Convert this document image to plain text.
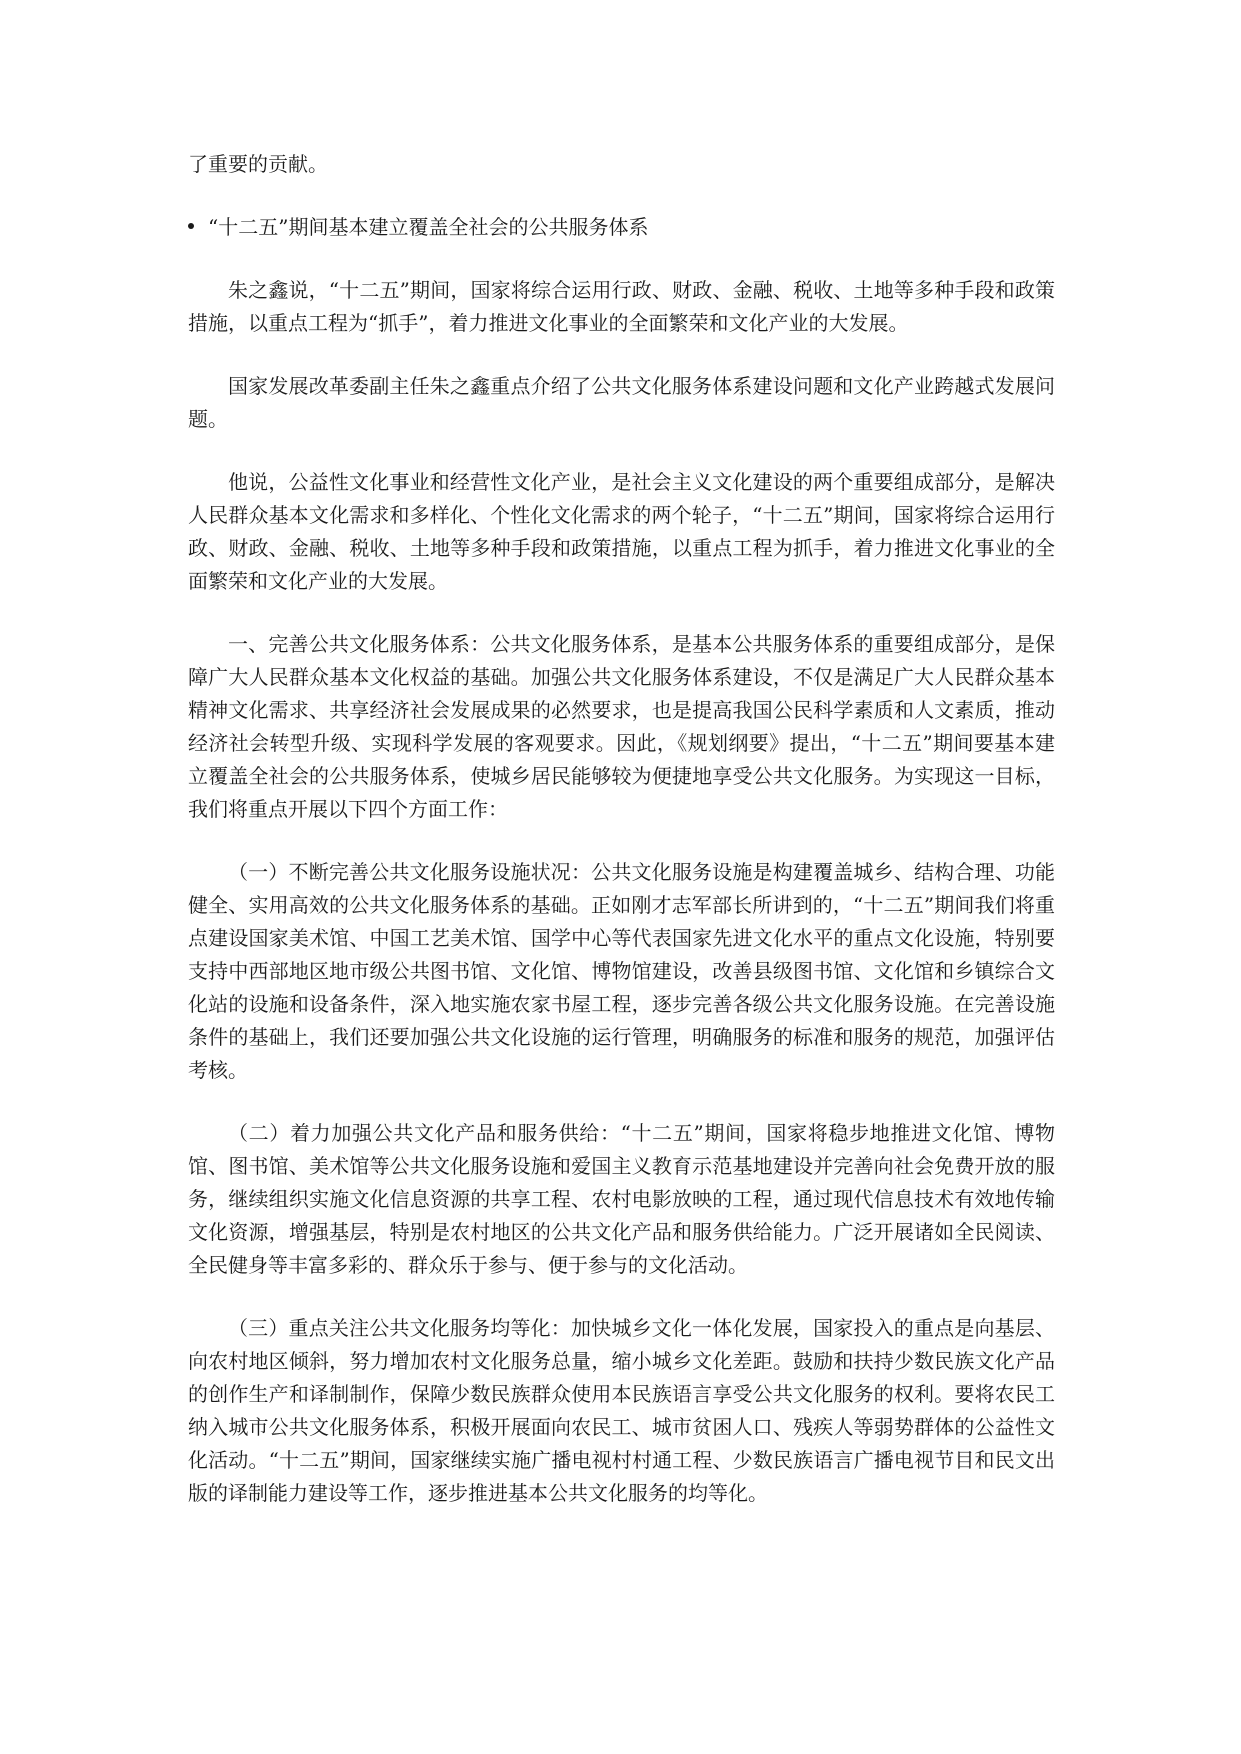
了重要的贡献。

“十二五”期间基本建立覆盖全社会的公共服务体系

朱之鑫说，“十二五”期间，国家将综合运用行政、财政、金融、税收、土地等多种手段和政策措施，以重点工程为“抓手”，着力推进文化事业的全面繁荣和文化产业的大发展。

国家发展改革委副主任朱之鑫重点介绍了公共文化服务体系建设问题和文化产业跨越式发展问题。

他说，公益性文化事业和经营性文化产业，是社会主义文化建设的两个重要组成部分，是解决人民群众基本文化需求和多样化、个性化文化需求的两个轮子，“十二五”期间，国家将综合运用行政、财政、金融、税收、土地等多种手段和政策措施，以重点工程为抓手，着力推进文化事业的全面繁荣和文化产业的大发展。

一、完善公共文化服务体系：公共文化服务体系，是基本公共服务体系的重要组成部分，是保障广大人民群众基本文化权益的基础。加强公共文化服务体系建设，不仅是满足广大人民群众基本精神文化需求、共享经济社会发展成果的必然要求，也是提高我国公民科学素质和人文素质，推动经济社会转型升级、实现科学发展的客观要求。因此，《规划纲要》提出，“十二五”期间要基本建立覆盖全社会的公共服务体系，使城乡居民能够较为便捷地享受公共文化服务。为实现这一目标，我们将重点开展以下四个方面工作：

（一）不断完善公共文化服务设施状况：公共文化服务设施是构建覆盖城乡、结构合理、功能健全、实用高效的公共文化服务体系的基础。正如刚才志军部长所讲到的，“十二五”期间我们将重点建设国家美术馆、中国工艺美术馆、国学中心等代表国家先进文化水平的重点文化设施，特别要支持中西部地区地市级公共图书馆、文化馆、博物馆建设，改善县级图书馆、文化馆和乡镇综合文化站的设施和设备条件，深入地实施农家书屋工程，逐步完善各级公共文化服务设施。在完善设施条件的基础上，我们还要加强公共文化设施的运行管理，明确服务的标准和服务的规范，加强评估考核。

（二）着力加强公共文化产品和服务供给：“十二五”期间，国家将稳步地推进文化馆、博物馆、图书馆、美术馆等公共文化服务设施和爱国主义教育示范基地建设并完善向社会免费开放的服务，继续组织实施文化信息资源的共享工程、农村电影放映的工程，通过现代信息技术有效地传输文化资源，增强基层，特别是农村地区的公共文化产品和服务供给能力。广泛开展诸如全民阅读、全民健身等丰富多彩的、群众乐于参与、便于参与的文化活动。

（三）重点关注公共文化服务均等化：加快城乡文化一体化发展，国家投入的重点是向基层、向农村地区倾斜，努力增加农村文化服务总量，缩小城乡文化差距。鼓励和扶持少数民族文化产品的创作生产和译制制作，保障少数民族群众使用本民族语言享受公共文化服务的权利。要将农民工纳入城市公共文化服务体系，积极开展面向农民工、城市贫困人口、残疾人等弱势群体的公益性文化活动。“十二五”期间，国家继续实施广播电视村村通工程、少数民族语言广播电视节目和民文出版的译制能力建设等工作，逐步推进基本公共文化服务的均等化。
